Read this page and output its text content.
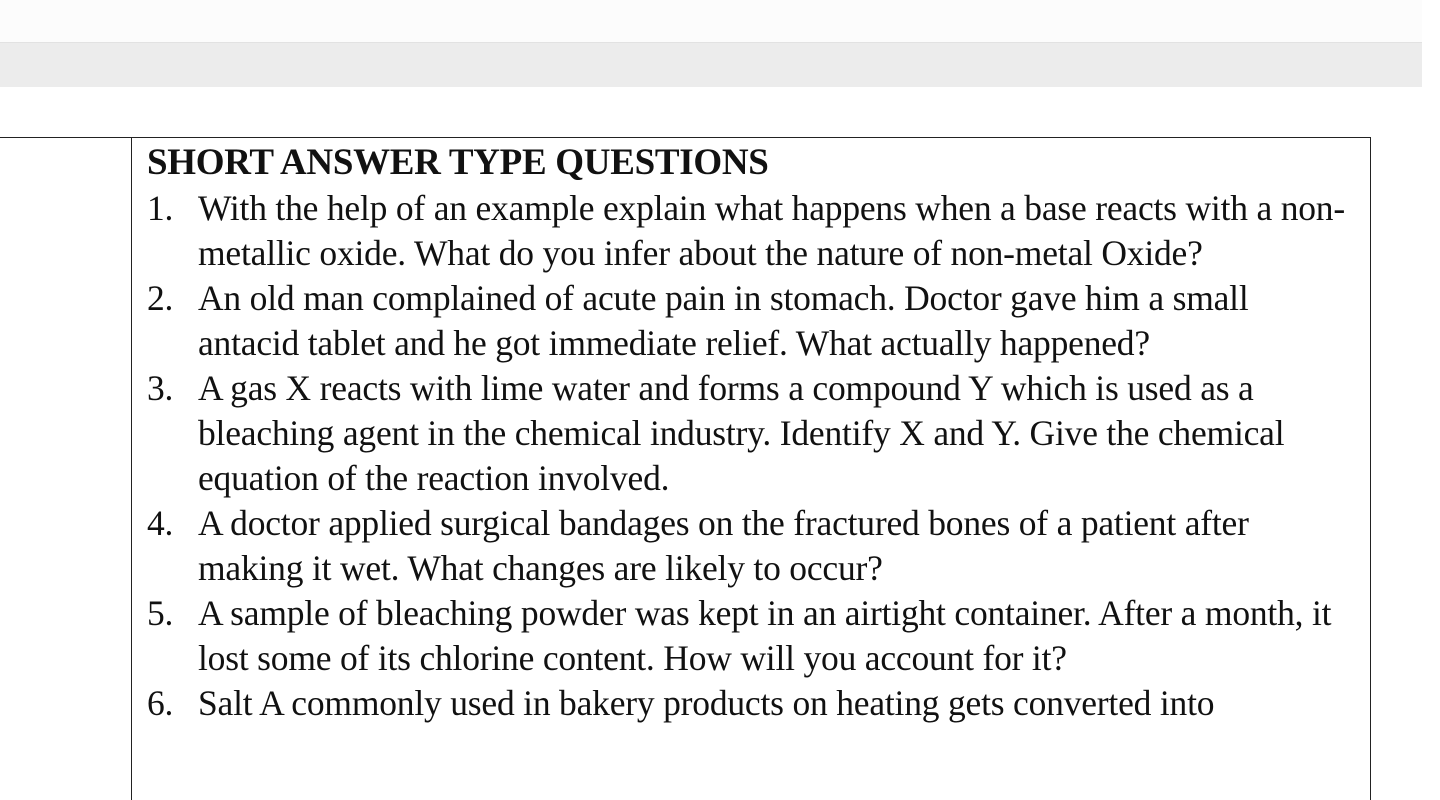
SHORT ANSWER TYPE QUESTIONS
1. With the help of an example explain what happens when a base reacts with a non- metallic oxide. What do you infer about the nature of non-metal Oxide?
2. An old man complained of acute pain in stomach. Doctor gave him a small antacid tablet and he got immediate relief. What actually happened?
3. A gas X reacts with lime water and forms a compound Y which is used as a bleaching agent in the chemical industry. Identify X and Y. Give the chemical equation of the reaction involved.
4. A doctor applied surgical bandages on the fractured bones of a patient after making it wet. What changes are likely to occur?
5. A sample of bleaching powder was kept in an airtight container. After a month, it lost some of its chlorine content. How will you account for it?
6. Salt A commonly used in bakery products on heating gets converted into
